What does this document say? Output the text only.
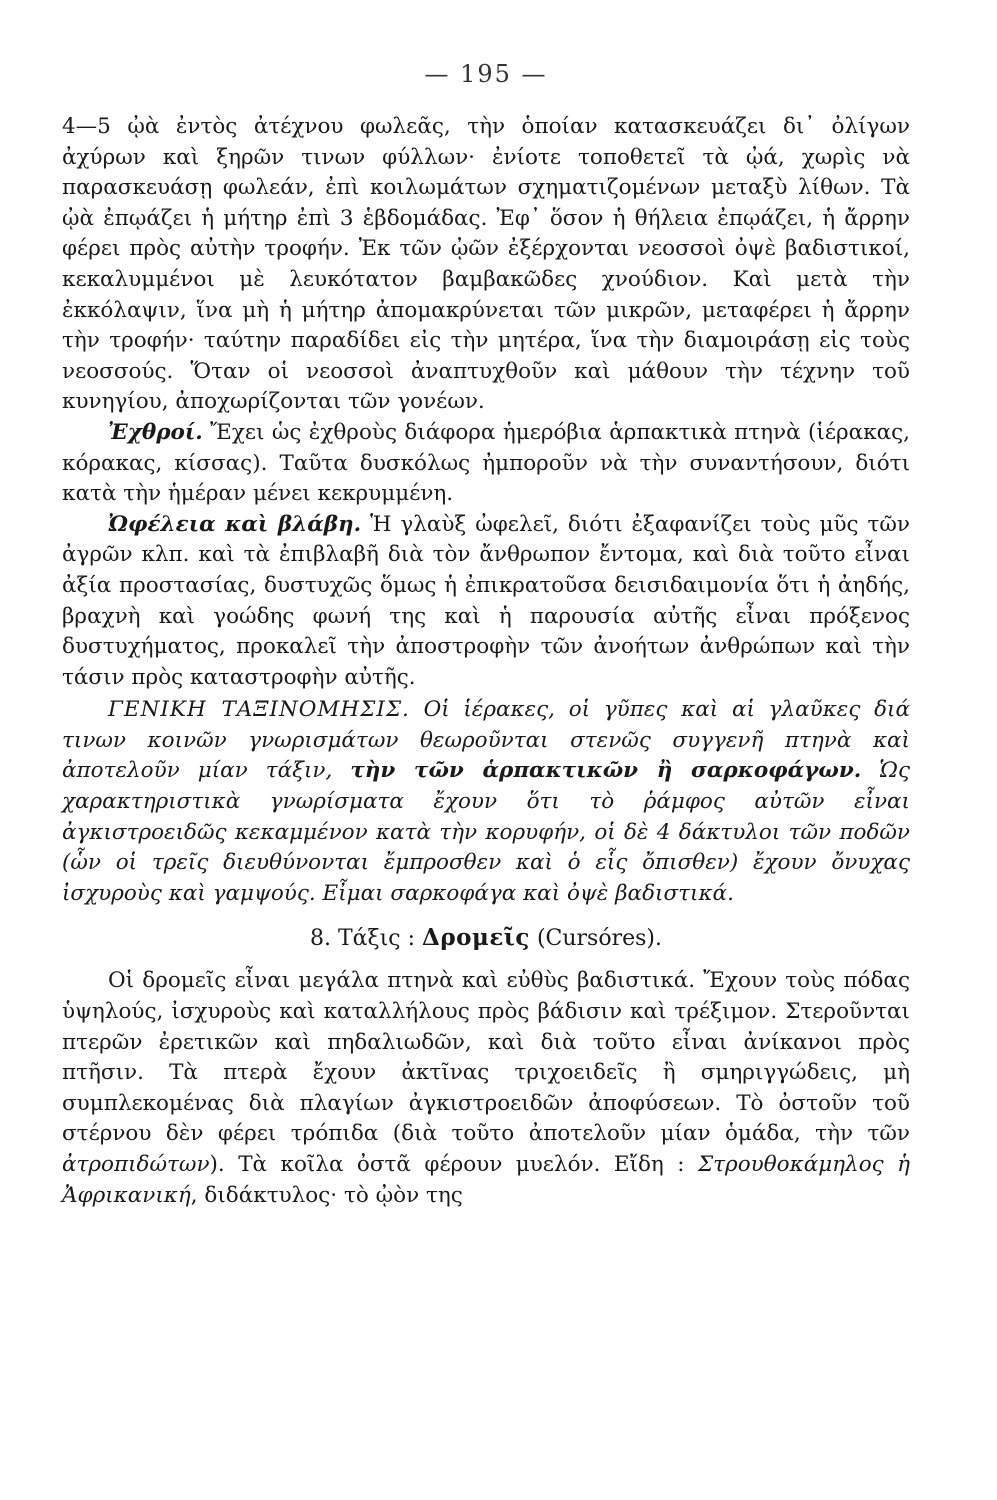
— 195 —

4—5 ᾠὰ ἐντὸς ἀτέχνου φωλεᾶς, τὴν ὁποίαν κατασκευάζει δι᾿ ὀλίγων ἀχύρων καὶ ξηρῶν τινων φύλλων· ἐνίοτε τοποθετεῖ τὰ ᾠά, χωρὶς νὰ παρασκευάσῃ φωλεάν, ἐπὶ κοιλωμάτων σχηματιζομένων μεταξὺ λίθων. Τὰ ᾠὰ ἐπῳάζει ἡ μήτηρ ἐπὶ 3 ἑβδομάδας. Ἐφ᾿ ὅσον ἡ θήλεια ἐπῳάζει, ἡ ἄρρην φέρει πρὸς αὐτὴν τροφήν. Ἐκ τῶν ᾠῶν ἐξέρχονται νεοσσοὶ ὀψὲ βαδιστικοί, κεκαλυμμένοι μὲ λευκότατον βαμβακῶδες χνούδιον. Καὶ μετὰ τὴν ἐκκόλαψιν, ἵνα μὴ ἡ μήτηρ ἀπομακρύνεται τῶν μικρῶν, μεταφέρει ἡ ἄρρην τὴν τροφήν· ταύτην παραδίδει εἰς τὴν μητέρα, ἵνα τὴν διαμοιράσῃ εἰς τοὺς νεοσσούς. Ὅταν οἱ νεοσσοὶ ἀναπτυχθοῦν καὶ μάθουν τὴν τέχνην τοῦ κυνηγίου, ἀποχωρίζονται τῶν γονέων.

Ἐχθροί. Ἔχει ὡς ἐχθροὺς διάφορα ἡμερόβια ἁρπακτικὰ πτηνὰ (ἱέρακας, κόρακας, κίσσας). Ταῦτα δυσκόλως ἠμποροῦν νὰ τὴν συναντήσουν, διότι κατὰ τὴν ἡμέραν μένει κεκρυμμένη.

Ὠφέλεια καὶ βλάβη. Ἡ γλαὺξ ὠφελεῖ, διότι ἐξαφανίζει τοὺς μῦς τῶν ἀγρῶν κλπ. καὶ τὰ ἐπιβλαβῆ διὰ τὸν ἄνθρωπον ἔντομα, καὶ διὰ τοῦτο εἶναι ἀξία προστασίας, δυστυχῶς ὅμως ἡ ἐπικρατοῦσα δεισιδαιμονία ὅτι ἡ ἀηδής, βραχνὴ καὶ γοώδης φωνή της καὶ ἡ παρουσία αὐτῆς εἶναι πρόξενος δυστυχήματος, προκαλεῖ τὴν ἀποστροφὴν τῶν ἀνοήτων ἀνθρώπων καὶ τὴν τάσιν πρὸς καταστροφὴν αὐτῆς.

ΓΕΝΙΚΗ ΤΑΞΙΝΟΜΗΣΙΣ. Οἱ ἱέρακες, οἱ γῦπες καὶ αἱ γλαῦκες διά τινων κοινῶν γνωρισμάτων θεωροῦνται στενῶς συγγενῆ πτηνὰ καὶ ἀποτελοῦν μίαν τάξιν, τὴν τῶν ἁρπακτικῶν ἢ σαρκοφάγων. Ὡς χαρακτηριστικὰ γνωρίσματα ἔχουν ὅτι τὸ ῥάμφος αὐτῶν εἶναι ἀγκιστροειδῶς κεκαμμένον κατὰ τὴν κορυφήν, οἱ δὲ 4 δάκτυλοι τῶν ποδῶν (ὧν οἱ τρεῖς διευθύνονται ἔμπροσθεν καὶ ὁ εἷς ὄπισθεν) ἔχουν ὄνυχας ἰσχυροὺς καὶ γαμψούς. Εἶμαι σαρκοφάγα καὶ ὀψὲ βαδιστικά.

8. Τάξις : Δρομεῖς (Cursóres).

Οἱ δρομεῖς εἶναι μεγάλα πτηνὰ καὶ εὐθὺς βαδιστικά. Ἔχουν τοὺς πόδας ὑψηλούς, ἰσχυροὺς καὶ καταλλήλους πρὸς βάδισιν καὶ τρέξιμον. Στεροῦνται πτερῶν ἐρετικῶν καὶ πηδαλιωδῶν, καὶ διὰ τοῦτο εἶναι ἀνίκανοι πρὸς πτῆσιν. Τὰ πτερὰ ἔχουν ἀκτῖνας τριχοειδεῖς ἢ σμηριγγώδεις, μὴ συμπλεκομένας διὰ πλαγίων ἀγκιστροειδῶν ἀποφύσεων. Τὸ ὀστοῦν τοῦ στέρνου δὲν φέρει τρόπιδα (διὰ τοῦτο ἀποτελοῦν μίαν ὁμάδα, τὴν τῶν ἀτροπιδώτων). Τὰ κοῖλα ὀστᾶ φέρουν μυελόν. Εἴδη : Στρουθοκάμηλος ἡ Ἀφρικανική, διδάκτυλος· τὸ ᾠὸν της
